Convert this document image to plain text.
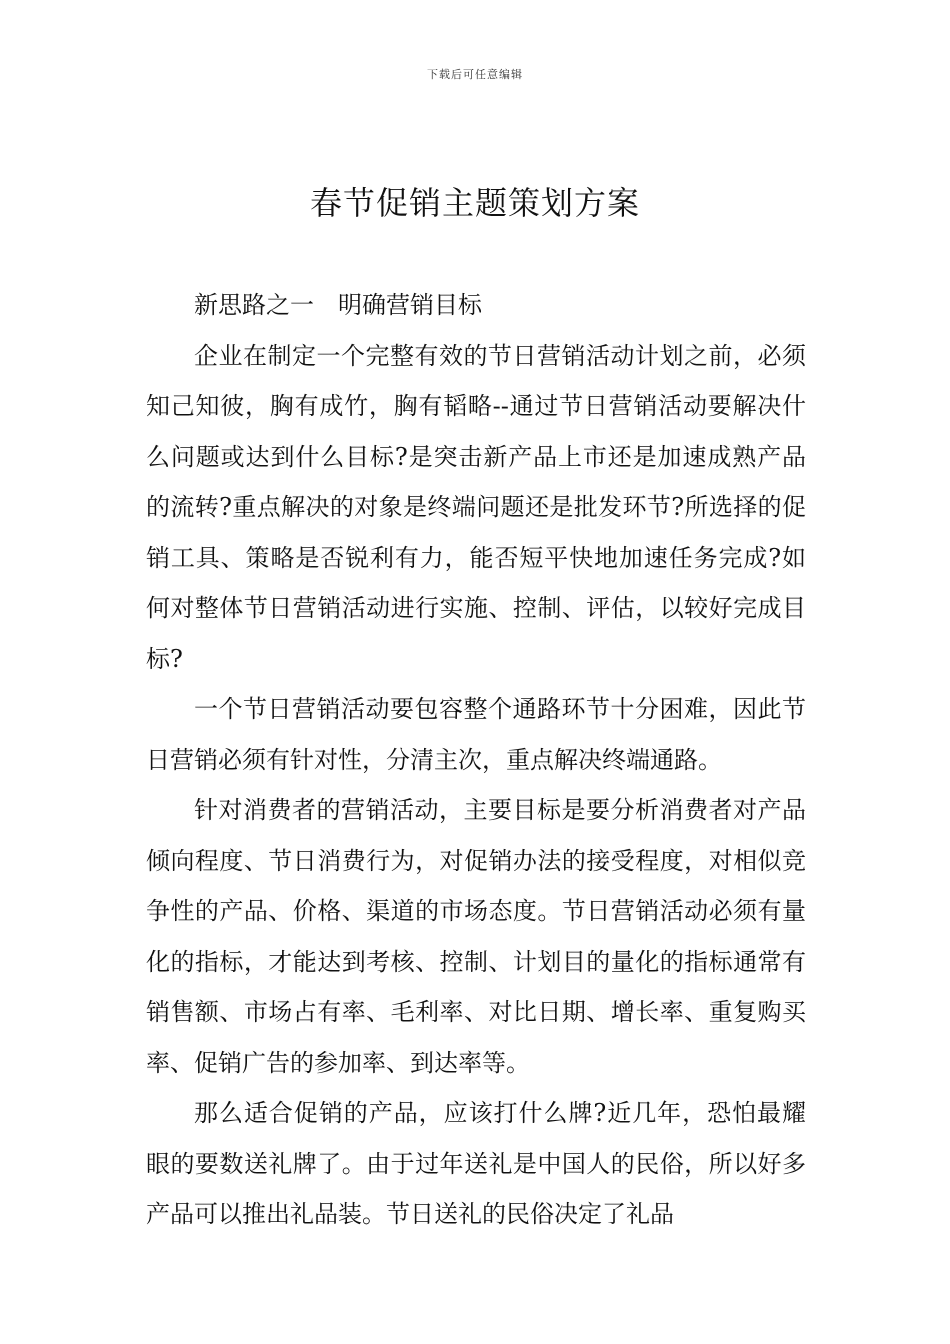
下载后可任意编辑
春节促销主题策划方案

新思路之一　明确营销目标

企业在制定一个完整有效的节日营销活动计划之前，必须知己知彼，胸有成竹，胸有韬略--通过节日营销活动要解决什么问题或达到什么目标?是突击新产品上市还是加速成熟产品的流转?重点解决的对象是终端问题还是批发环节?所选择的促销工具、策略是否锐利有力，能否短平快地加速任务完成?如何对整体节日营销活动进行实施、控制、评估，以较好完成目标?

一个节日营销活动要包容整个通路环节十分困难，因此节日营销必须有针对性，分清主次，重点解决终端通路。

针对消费者的营销活动，主要目标是要分析消费者对产品倾向程度、节日消费行为，对促销办法的接受程度，对相似竞争性的产品、价格、渠道的市场态度。节日营销活动必须有量化的指标，才能达到考核、控制、计划目的量化的指标通常有销售额、市场占有率、毛利率、对比日期、增长率、重复购买率、促销广告的参加率、到达率等。

那么适合促销的产品，应该打什么牌?近几年，恐怕最耀眼的要数送礼牌了。由于过年送礼是中国人的民俗，所以好多产品可以推出礼品装。节日送礼的民俗决定了礼品
